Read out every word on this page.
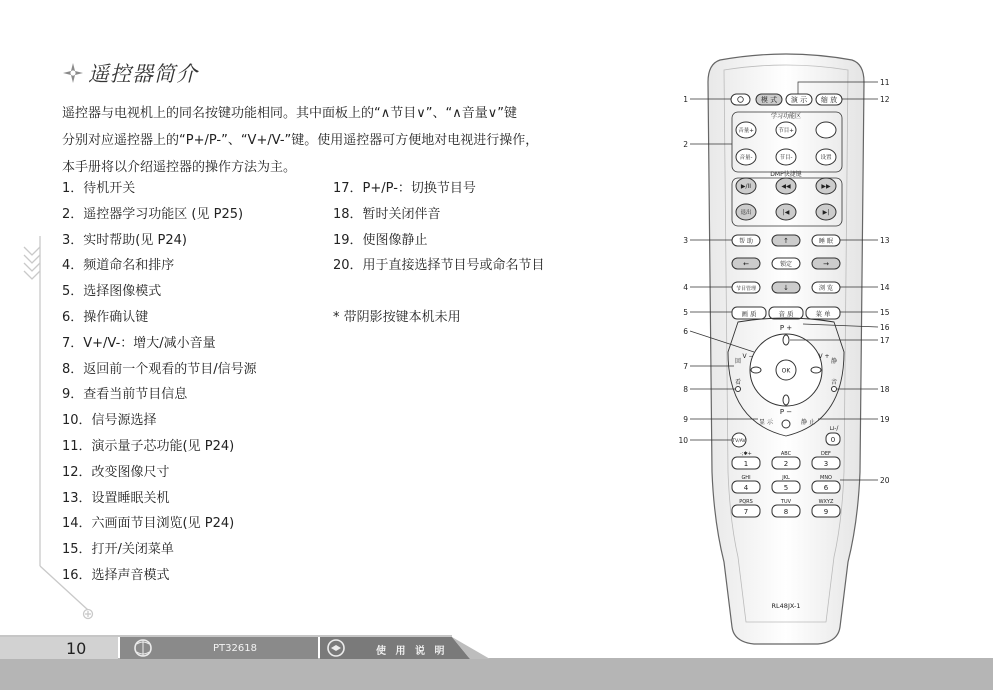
遥控器简介
遥控器与电视机上的同名按键功能相同。其中面板上的“∧节目∨”、“∧音量∨”键
分别对应遥控器上的“P+/P-”、“V+/V-”键。使用遥控器可方便地对电视进行操作，
本手册将以介绍遥控器的操作方法为主。
1．待机开关
2．遥控器学习功能区 (见 P25)
3．实时帮助(见 P24)
4．频道命名和排序
5．选择图像模式
6．操作确认键
7．V+/V-：增大/减小音量
8．返回前一个观看的节目/信号源
9．查看当前节目信息
10．信号源选择
11．演示量子芯功能(见 P24)
12．改变图像尺寸
13．设置睡眠关机
14．六画面节目浏览(见 P24)
15．打开/关闭菜单
16．选择声音模式
17．P+/P-：切换节目号
18．暂时关闭伴音
19．使图像静止
20．用于直接选择节目号或命名节目
* 带阴影按键本机未用
10	PT32618	使 用 说 明
模 式 演 示 缩 放
学习功能区
音量+	节目+
音量-	节目-	设置
DMP快捷键
▶/II	◀◀	▶▶
退出	|◀	▶|
帮 助	↑	睡 眠
←	锁定	→
节目管理	↓	浏 览
画 质	音 质	菜 单
P +
OK
回
看
静
音
V −	V +
P −
显 示	静 止
TV/AV
⊔-/
0
·;✱+
1
ABC
2
DEF
3
GHI
4
JKL
5
MNO
6
PQRS
7
TUV
8
WXYZ
9
RL48JX-1
1
2
3
4
5
6
7
8
9
10
11
12
13
14
15
16
17
18
19
20
